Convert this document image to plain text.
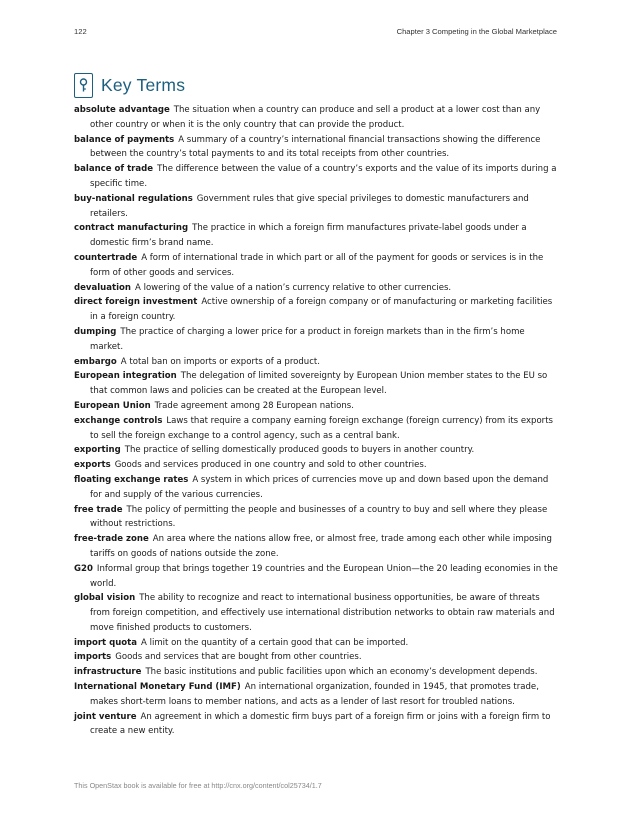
122	Chapter 3 Competing in the Global Marketplace
Key Terms

absolute advantage The situation when a country can produce and sell a product at a lower cost than any other country or when it is the only country that can provide the product.

balance of payments A summary of a country’s international financial transactions showing the difference between the country’s total payments to and its total receipts from other countries.

balance of trade The difference between the value of a country’s exports and the value of its imports during a specific time.

buy-national regulations Government rules that give special privileges to domestic manufacturers and retailers.

contract manufacturing The practice in which a foreign firm manufactures private-label goods under a domestic firm’s brand name.

countertrade A form of international trade in which part or all of the payment for goods or services is in the form of other goods and services.

devaluation A lowering of the value of a nation’s currency relative to other currencies.

direct foreign investment Active ownership of a foreign company or of manufacturing or marketing facilities in a foreign country.

dumping The practice of charging a lower price for a product in foreign markets than in the firm’s home market.

embargo A total ban on imports or exports of a product.

European integration The delegation of limited sovereignty by European Union member states to the EU so that common laws and policies can be created at the European level.

European Union Trade agreement among 28 European nations.

exchange controls Laws that require a company earning foreign exchange (foreign currency) from its exports to sell the foreign exchange to a control agency, such as a central bank.

exporting The practice of selling domestically produced goods to buyers in another country.

exports Goods and services produced in one country and sold to other countries.

floating exchange rates A system in which prices of currencies move up and down based upon the demand for and supply of the various currencies.

free trade The policy of permitting the people and businesses of a country to buy and sell where they please without restrictions.

free-trade zone An area where the nations allow free, or almost free, trade among each other while imposing tariffs on goods of nations outside the zone.

G20 Informal group that brings together 19 countries and the European Union—the 20 leading economies in the world.

global vision The ability to recognize and react to international business opportunities, be aware of threats from foreign competition, and effectively use international distribution networks to obtain raw materials and move finished products to customers.

import quota A limit on the quantity of a certain good that can be imported.

imports Goods and services that are bought from other countries.

infrastructure The basic institutions and public facilities upon which an economy’s development depends.

International Monetary Fund (IMF) An international organization, founded in 1945, that promotes trade, makes short-term loans to member nations, and acts as a lender of last resort for troubled nations.

joint venture An agreement in which a domestic firm buys part of a foreign firm or joins with a foreign firm to create a new entity.

This OpenStax book is available for free at http://cnx.org/content/col25734/1.7
